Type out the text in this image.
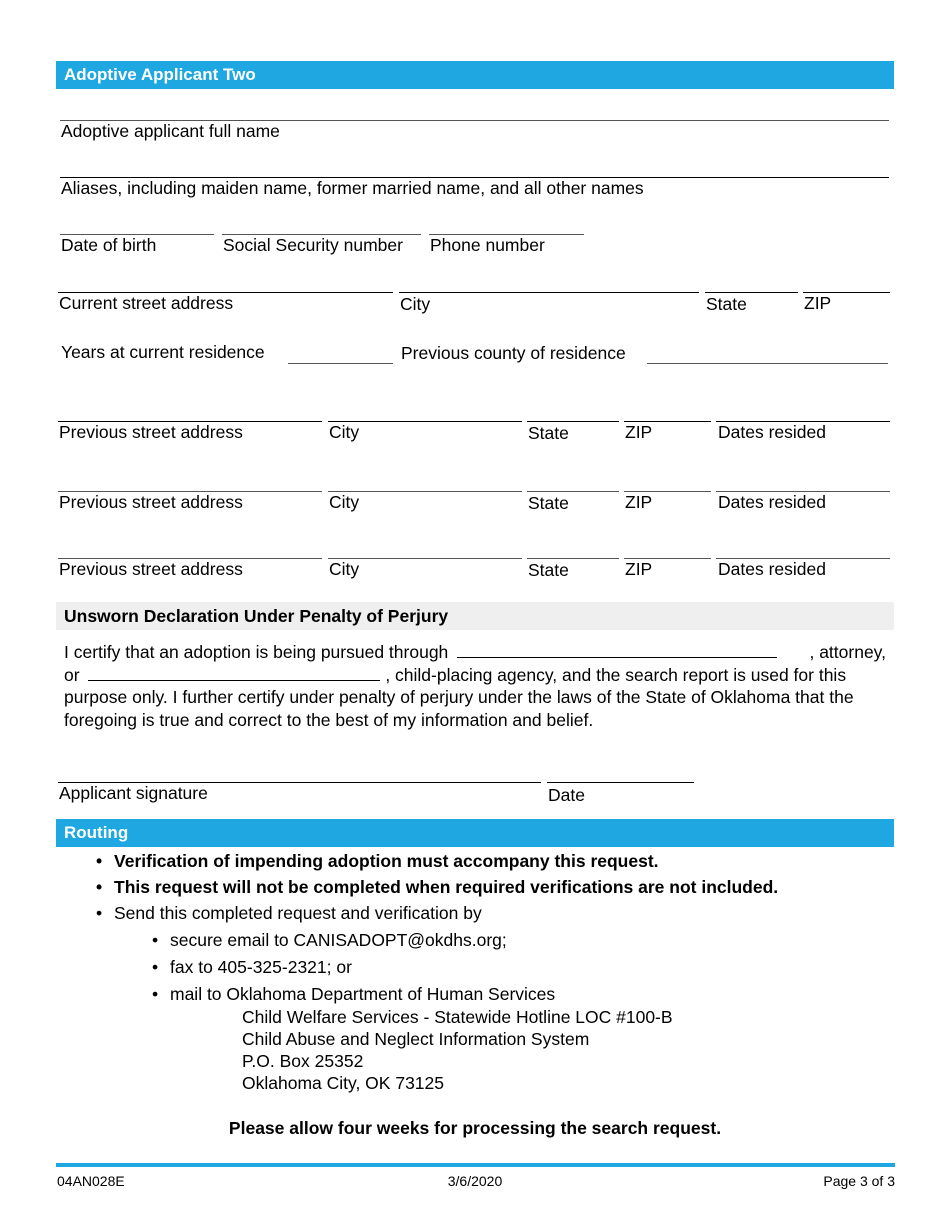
Adoptive Applicant Two
Adoptive applicant full name
Aliases, including maiden name, former married name, and all other names
Date of birth	Social Security number Phone number
Current street address	City	State	ZIP
Years at current residence	Previous county of residence
Previous street address	City	State	ZIP	Dates resided
Previous street address	City	State	ZIP	Dates resided
Previous street address	City	State	ZIP	Dates resided
Unsworn Declaration Under Penalty of Perjury
I certify that an adoption is being pursued through	, attorney,
or	, child-placing agency, and the search report is used for this
purpose only. I further certify under penalty of perjury under the laws of the State of Oklahoma that the foregoing is true and correct to the best of my information and belief.
Applicant signature	Date
Routing
• Verification of impending adoption must accompany this request.
• This request will not be completed when required verifications are not included.
• Send this completed request and verification by
• secure email to CANISADOPT@okdhs.org;
• fax to 405-325-2321; or
• mail to Oklahoma Department of Human Services
Child Welfare Services - Statewide Hotline LOC #100-B
Child Abuse and Neglect Information System
P.O. Box 25352
Oklahoma City, OK 73125
Please allow four weeks for processing the search request.
04AN028E	3/6/2020	Page 3 of 3
